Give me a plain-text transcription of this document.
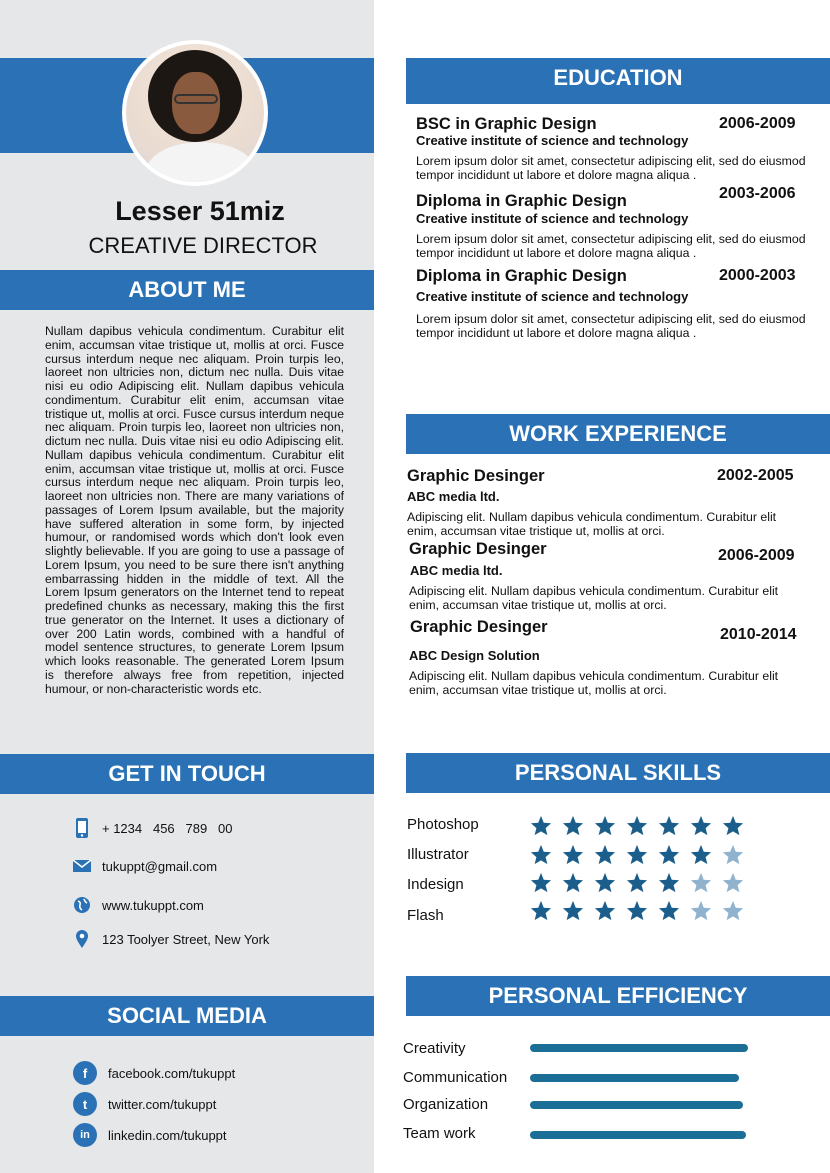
Lesser 51miz
CREATIVE DIRECTOR
ABOUT ME
Nullam dapibus vehicula condimentum. Curabitur elit enim, accumsan vitae tristique ut, mollis at orci. Fusce cursus interdum neque nec aliquam. Proin turpis leo, laoreet non ultricies non, dictum nec nulla. Duis vitae nisi eu odio Adipiscing elit. Nullam dapibus vehicula condimentum. Curabitur elit enim, accumsan vitae tristique ut, mollis at orci. Fusce cursus interdum neque nec aliquam. Proin turpis leo, laoreet non ultricies non, dictum nec nulla. Duis vitae nisi eu odio Adipiscing elit. Nullam dapibus vehicula condimentum. Curabitur elit enim, accumsan vitae tristique ut, mollis at orci. Fusce cursus interdum neque nec aliquam. Proin turpis leo, laoreet non ultricies non. There are many variations of passages of Lorem Ipsum available, but the majority have suffered alteration in some form, by injected humour, or randomised words which don't look even slightly believable. If you are going to use a passage of Lorem Ipsum, you need to be sure there isn't anything embarrassing hidden in the middle of text. All the Lorem Ipsum generators on the Internet tend to repeat predefined chunks as necessary, making this the first true generator on the Internet. It uses a dictionary of over 200 Latin words, combined with a handful of model sentence structures, to generate Lorem Ipsum which looks reasonable. The generated Lorem Ipsum is therefore always free from repetition, injected humour, or non-characteristic words etc.
GET IN TOUCH
+ 1234   456   789   00
tukuppt@gmail.com
www.tukuppt.com
123 Toolyer Street, New York
SOCIAL MEDIA
f	facebook.com/tukuppt
t	twitter.com/tukuppt
in	linkedin.com/tukuppt
EDUCATION
BSC in Graphic Design	2006-2009
Creative institute of science and technology
Lorem ipsum dolor sit amet, consectetur adipiscing elit, sed do eiusmod tempor incididunt ut labore et dolore magna aliqua .
Diploma in Graphic Design	2003-2006
Creative institute of science and technology
Lorem ipsum dolor sit amet, consectetur adipiscing elit, sed do eiusmod tempor incididunt ut labore et dolore magna aliqua .
Diploma in Graphic Design	2000-2003
Creative institute of science and technology
Lorem ipsum dolor sit amet, consectetur adipiscing elit, sed do eiusmod tempor incididunt ut labore et dolore magna aliqua .
WORK EXPERIENCE
Graphic Desinger	2002-2005
ABC media ltd.
Adipiscing elit. Nullam dapibus vehicula condimentum. Curabitur elit enim, accumsan vitae tristique ut, mollis at orci.
Graphic Desinger	2006-2009
ABC media ltd.
Adipiscing elit. Nullam dapibus vehicula condimentum. Curabitur elit enim, accumsan vitae tristique ut, mollis at orci.
Graphic Desinger	2010-2014
ABC Design Solution
Adipiscing elit. Nullam dapibus vehicula condimentum. Curabitur elit enim, accumsan vitae tristique ut, mollis at orci.
PERSONAL SKILLS
Photoshop
Illustrator
Indesign
Flash
PERSONAL EFFICIENCY
Creativity
Communication
Organization
Team work
